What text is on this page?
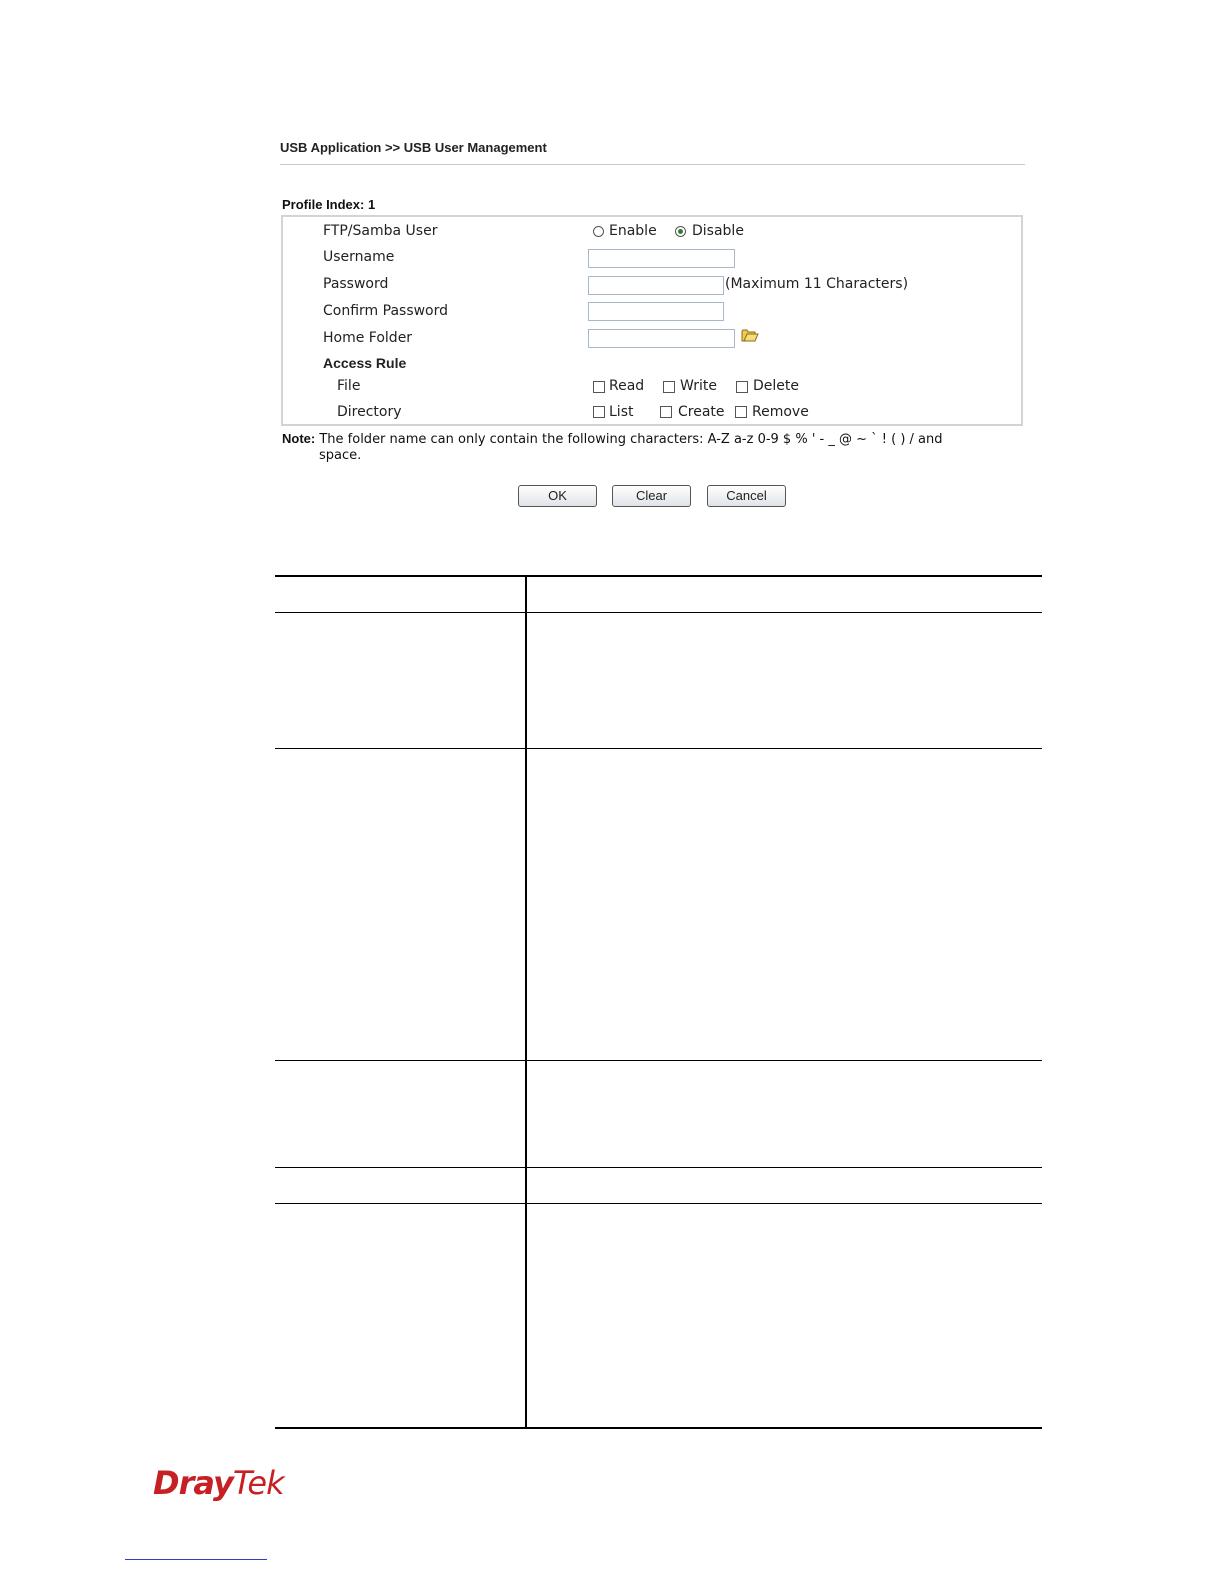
USB Application >> USB User Management
Profile Index: 1
FTP/Samba User	Enable	Disable
Username
Password	(Maximum 11 Characters)
Confirm Password
Home Folder
Access Rule
File	Read	Write	Delete
Directory	List	Create Remove
Note: The folder name can only contain the following characters: A-Z a-z 0-9 $ % ' - _ @ ~ ` ! ( ) / and
space.
OK	Clear	Cancel
DrayTek
